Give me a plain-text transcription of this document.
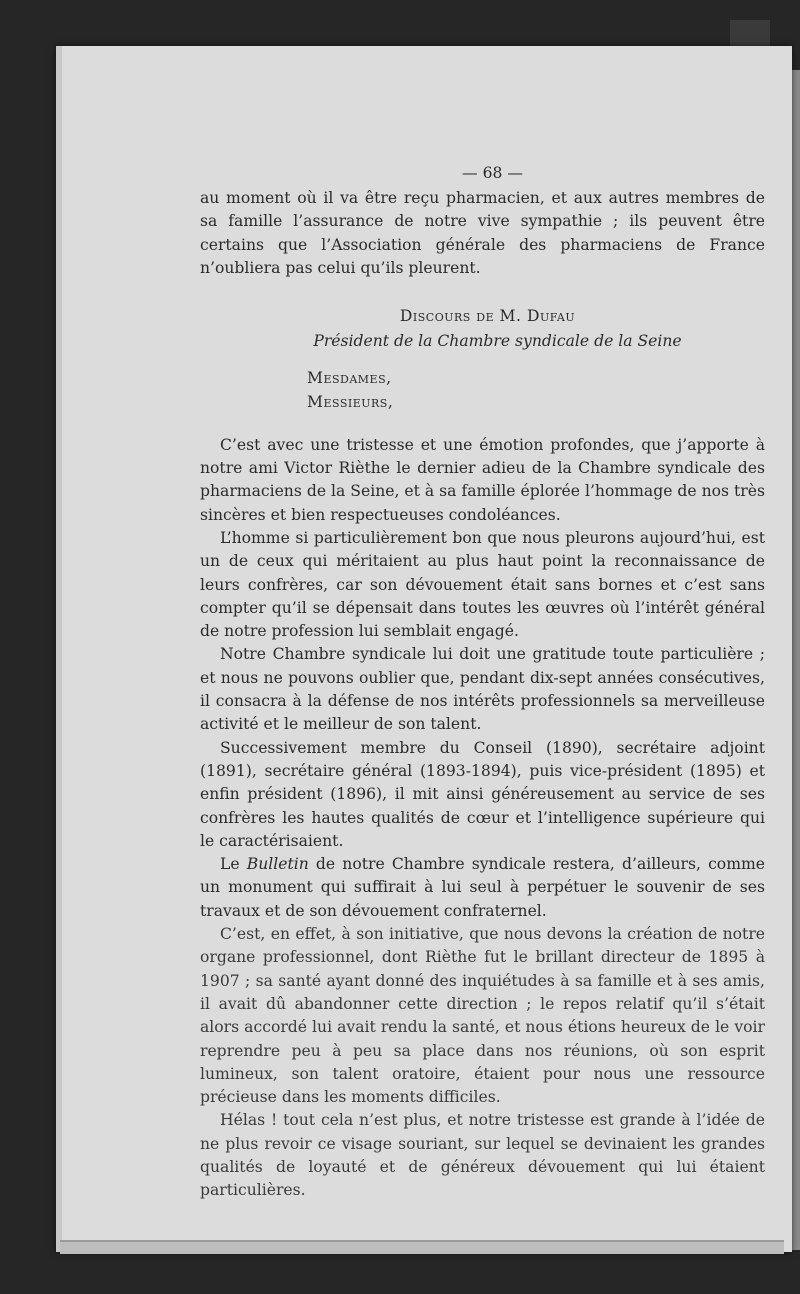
— 68 —

au moment où il va être reçu pharmacien, et aux autres membres de sa famille l’assurance de notre vive sympathie ; ils peuvent être certains que l’Association générale des pharmaciens de France n’oubliera pas celui qu’ils pleurent.

Discours de M. Dufau
Président de la Chambre syndicale de la Seine
Mesdames,
Messieurs,

C’est avec une tristesse et une émotion profondes, que j’apporte à notre ami Victor Rièthe le dernier adieu de la Chambre syndicale des pharmaciens de la Seine, et à sa famille éplorée l’hommage de nos très sincères et bien respectueuses condoléances.

L’homme si particulièrement bon que nous pleurons aujourd’hui, est un de ceux qui méritaient au plus haut point la reconnaissance de leurs confrères, car son dévouement était sans bornes et c’est sans compter qu’il se dépensait dans toutes les œuvres où l’intérêt général de notre profession lui semblait engagé.

Notre Chambre syndicale lui doit une gratitude toute particulière ; et nous ne pouvons oublier que, pendant dix-sept années consécutives, il consacra à la défense de nos intérêts professionnels sa merveilleuse activité et le meilleur de son talent.

Successivement membre du Conseil (1890), secrétaire adjoint (1891), secrétaire général (1893-1894), puis vice-président (1895) et enfin président (1896), il mit ainsi généreusement au service de ses confrères les hautes qualités de cœur et l’intelligence supérieure qui le caractérisaient.

Le Bulletin de notre Chambre syndicale restera, d’ailleurs, comme un monument qui suffirait à lui seul à perpétuer le souvenir de ses travaux et de son dévouement confraternel.

C’est, en effet, à son initiative, que nous devons la création de notre organe professionnel, dont Rièthe fut le brillant directeur de 1895 à 1907 ; sa santé ayant donné des inquiétudes à sa famille et à ses amis, il avait dû abandonner cette direction ; le repos relatif qu’il s’était alors accordé lui avait rendu la santé, et nous étions heureux de le voir reprendre peu à peu sa place dans nos réunions, où son esprit lumineux, son talent oratoire, étaient pour nous une ressource précieuse dans les moments difficiles.

Hélas ! tout cela n’est plus, et notre tristesse est grande à l’idée de ne plus revoir ce visage souriant, sur lequel se devinaient les grandes qualités de loyauté et de généreux dévouement qui lui étaient particulières.
